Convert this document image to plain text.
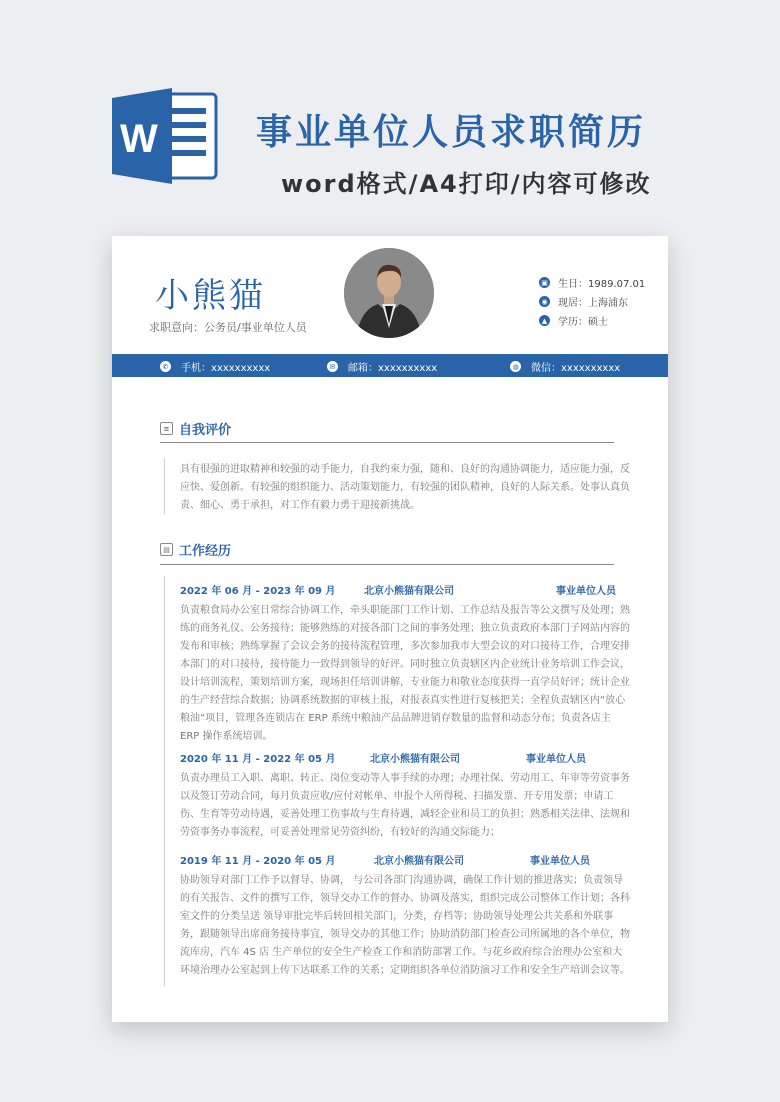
W	事业单位人员求职简历
word格式/A4打印/内容可修改
小熊猫
求职意向：公务员/事业单位人员
▣ 生日：1989.07.01
◉ 现居：上海浦东
▲ 学历：硕士
✆ 手机：xxxxxxxxxx	✉ 邮箱：xxxxxxxxxx	◍ 微信：xxxxxxxxxx
≡ 自我评价
具有很强的进取精神和较强的动手能力，自我约束力强，随和、良好的沟通协调能力，适应能力强，反应快、爱创新。有较强的组织能力、活动策划能力，有较强的团队精神，良好的人际关系。处事认真负责、细心、勇于承担，对工作有毅力勇于迎接新挑战。
▤ 工作经历
2022 年 06 月 - 2023 年 09 月	北京小熊猫有限公司	事业单位人员
负责粮食局办公室日常综合协调工作，牵头职能部门工作计划、工作总结及报告等公文撰写及处理；熟练的商务礼仪、公务接待；能够熟练的对接各部门之间的事务处理；独立负责政府本部门子网站内容的发布和审核；熟练掌握了会议会务的接待流程管理，多次参加我市大型会议的对口接待工作，合理安排本部门的对口接待，接待能力一致得到领导的好评。同时独立负责辖区内企业统计业务培训工作会议，设计培训流程，策划培训方案，现场担任培训讲解，专业能力和敬业态度获得一直学员好评；统计企业的生产经营综合数据；协调系统数据的审核上报，对报表真实性进行复核把关；全程负责辖区内“放心粮油”项目，管理各连锁店在 ERP 系统中粮油产品品牌进销存数量的监督和动态分布；负责各店主 ERP 操作系统培训。
2020 年 11 月 - 2022 年 05 月	北京小熊猫有限公司	事业单位人员
负责办理员工入职、离职、转正、岗位变动等人事手续的办理；办理社保、劳动用工、年审等劳资事务以及签订劳动合同，每月负责应收/应付对帐单、申报个人所得税、扫描发票、开专用发票；申请工伤、生育等劳动待遇，妥善处理工伤事故与生育待遇，减轻企业和员工的负担；熟悉相关法律、法规和劳资事务办事流程，可妥善处理常见劳资纠纷，有较好的沟通交际能力；
2019 年 11 月 - 2020 年 05 月	北京小熊猫有限公司	事业单位人员
协助领导对部门工作予以督导、协调， 与公司各部门沟通协调，确保工作计划的推进落实；负责领导的有关报告、文件的撰写工作，领导交办工作的督办、协调及落实，组织完成公司整体工作计划；各科室文件的分类呈送 领导审批完毕后转回相关部门，分类，存档等；协助领导处理公共关系和外联事务，跟随领导出席商务接待事宜，领导交办的其他工作；协助消防部门检查公司所属地的各个单位，物流库房，汽车 4S 店 生产单位的安全生产检查工作和消防部署工作。与花乡政府综合治理办公室和大环境治理办公室起到上传下达联系工作的关系；定期组织各单位消防演习工作和安全生产培训会议等。
